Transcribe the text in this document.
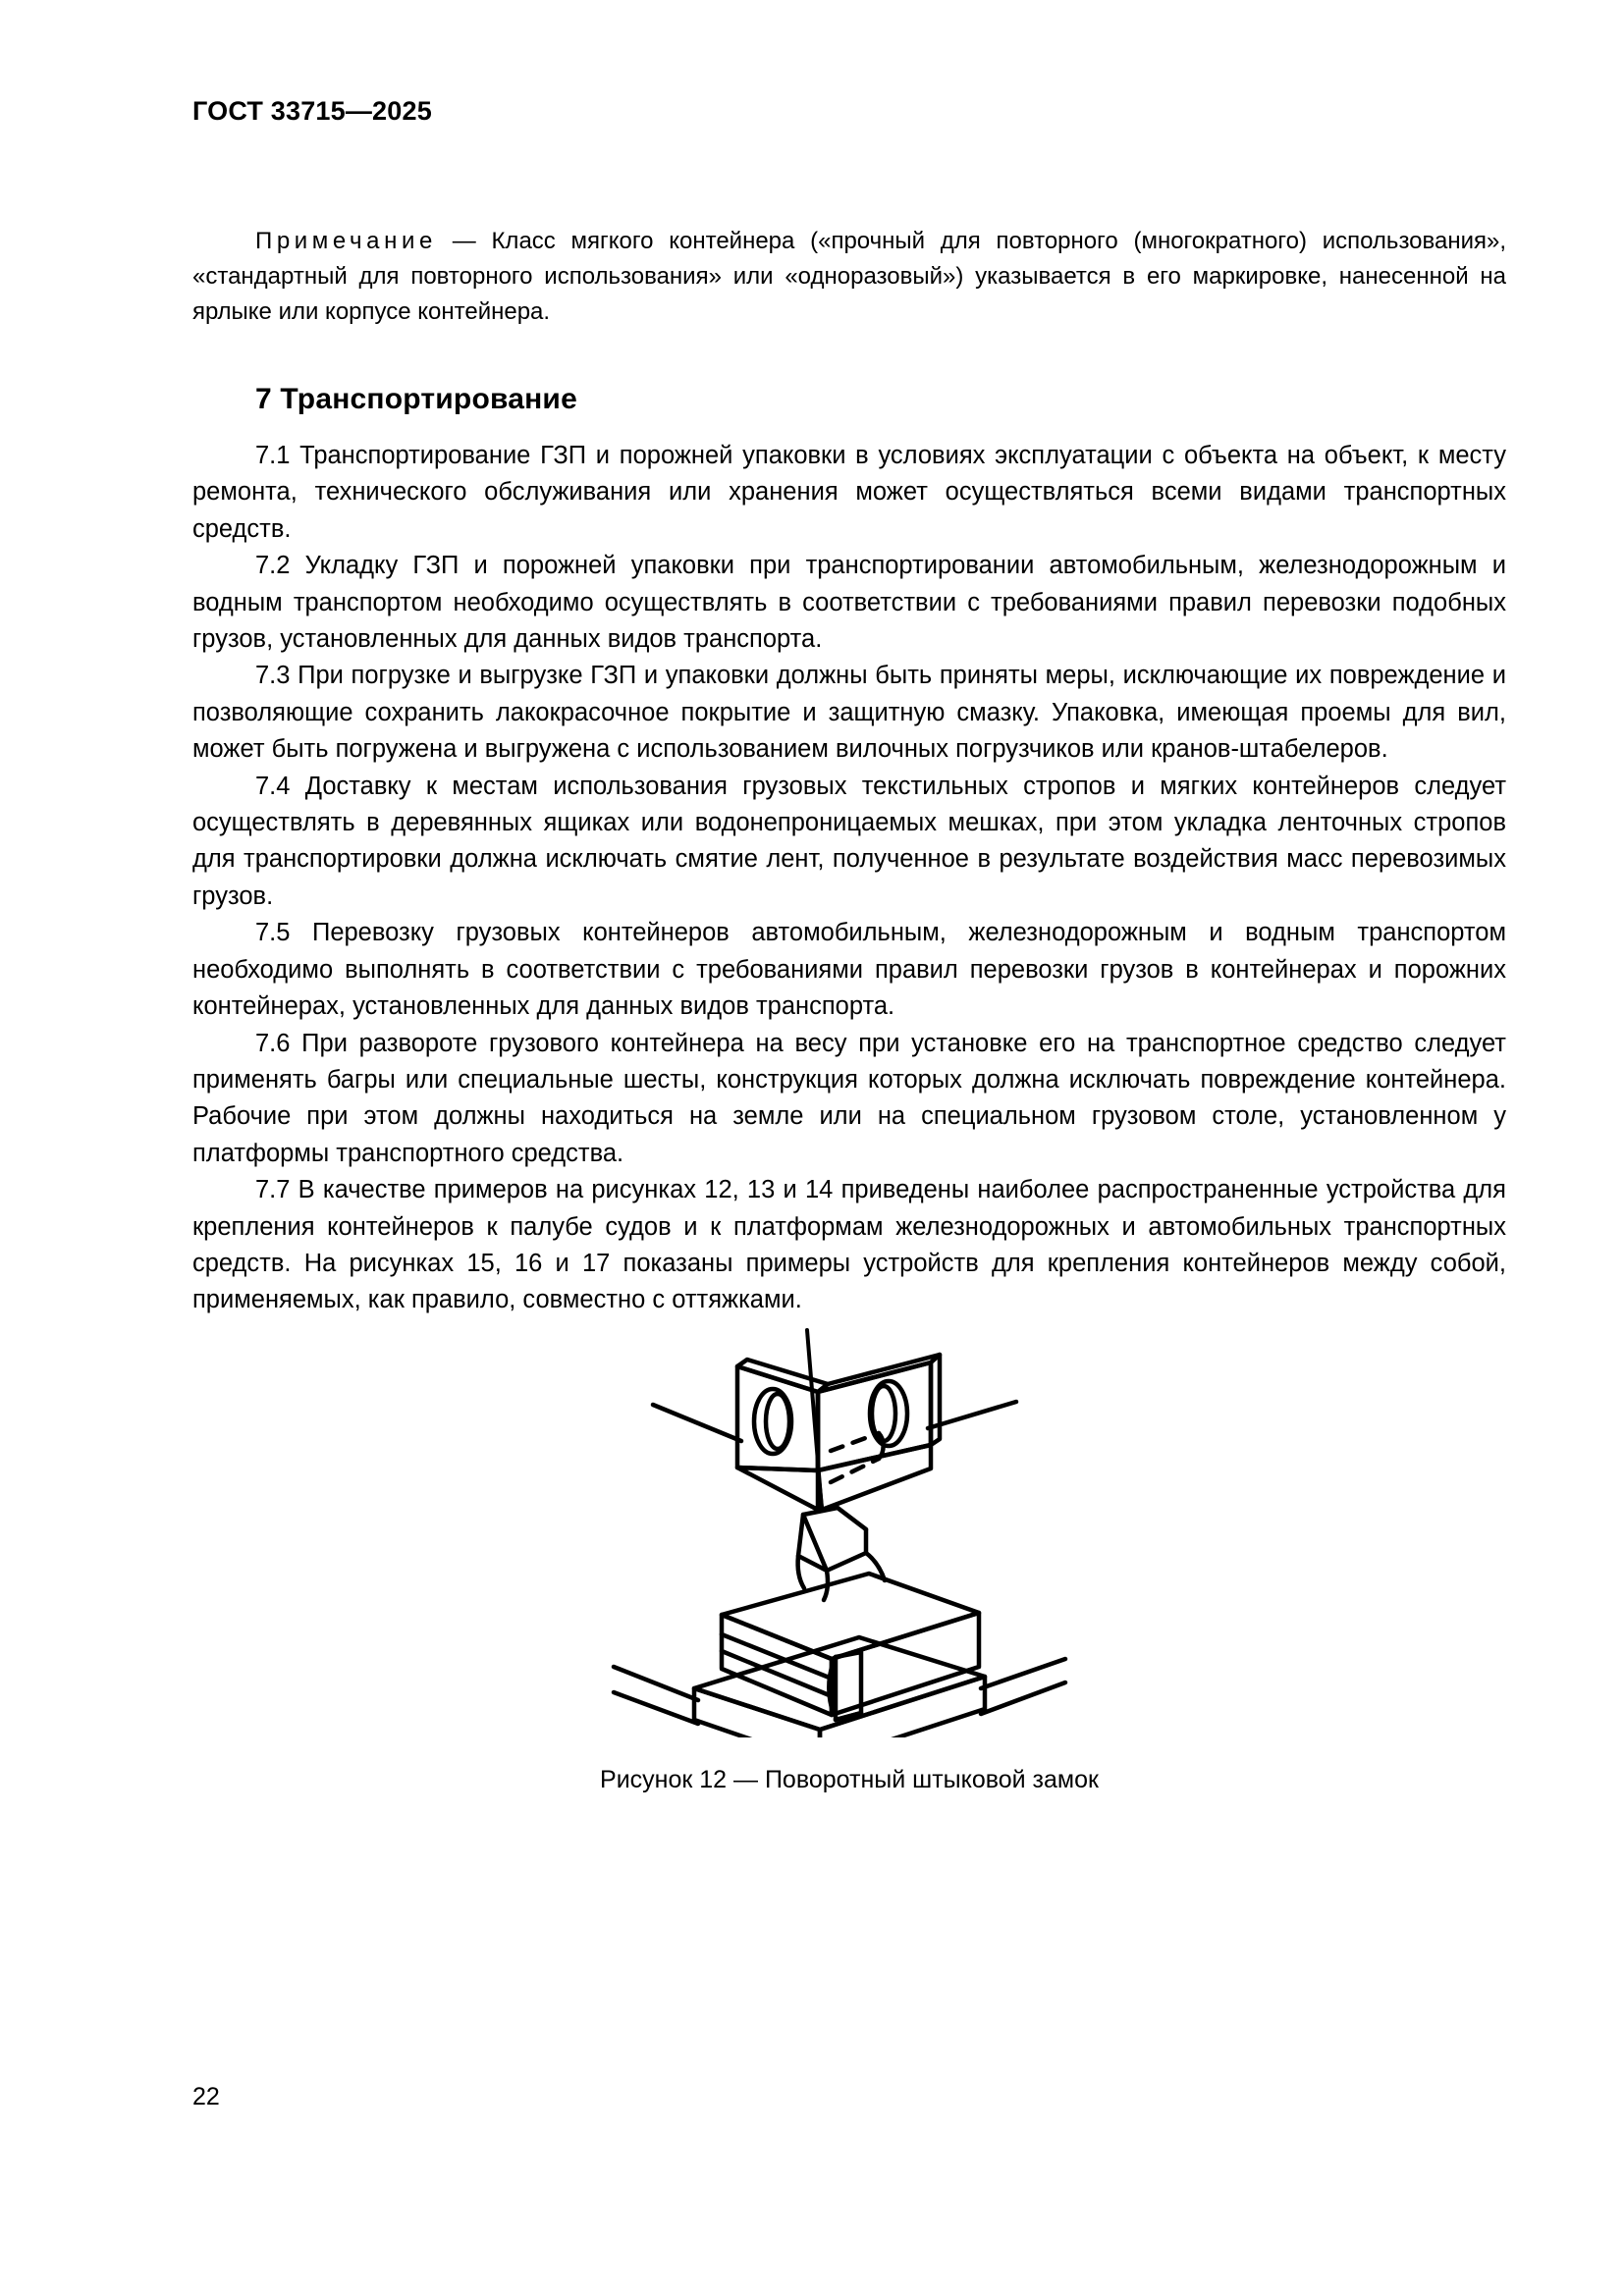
ГОСТ 33715—2025

Примечание — Класс мягкого контейнера («прочный для повторного (многократного) использования», «стандартный для повторного использования» или «одноразовый») указывается в его маркировке, нанесенной на ярлыке или корпусе контейнера.

7 Транспортирование

7.1 Транспортирование ГЗП и порожней упаковки в условиях эксплуатации с объекта на объект, к месту ремонта, технического обслуживания или хранения может осуществляться всеми видами транспортных средств.

7.2 Укладку ГЗП и порожней упаковки при транспортировании автомобильным, железнодорожным и водным транспортом необходимо осуществлять в соответствии с требованиями правил перевозки подобных грузов, установленных для данных видов транспорта.

7.3 При погрузке и выгрузке ГЗП и упаковки должны быть приняты меры, исключающие их повреждение и позволяющие сохранить лакокрасочное покрытие и защитную смазку. Упаковка, имеющая проемы для вил, может быть погружена и выгружена с использованием вилочных погрузчиков или кранов-штабелеров.

7.4 Доставку к местам использования грузовых текстильных стропов и мягких контейнеров следует осуществлять в деревянных ящиках или водонепроницаемых мешках, при этом укладка ленточных стропов для транспортировки должна исключать смятие лент, полученное в результате воздействия масс перевозимых грузов.

7.5 Перевозку грузовых контейнеров автомобильным, железнодорожным и водным транспортом необходимо выполнять в соответствии с требованиями правил перевозки грузов в контейнерах и порожних контейнерах, установленных для данных видов транспорта.

7.6 При развороте грузового контейнера на весу при установке его на транспортное средство следует применять багры или специальные шесты, конструкция которых должна исключать повреждение контейнера. Рабочие при этом должны находиться на земле или на специальном грузовом столе, установленном у платформы транспортного средства.

7.7 В качестве примеров на рисунках 12, 13 и 14 приведены наиболее распространенные устройства для крепления контейнеров к палубе судов и к платформам железнодорожных и автомобильных транспортных средств. На рисунках 15, 16 и 17 показаны примеры устройств для крепления контейнеров между собой, применяемых, как правило, совместно с оттяжками.

Рисунок 12 — Поворотный штыковой замок
22
